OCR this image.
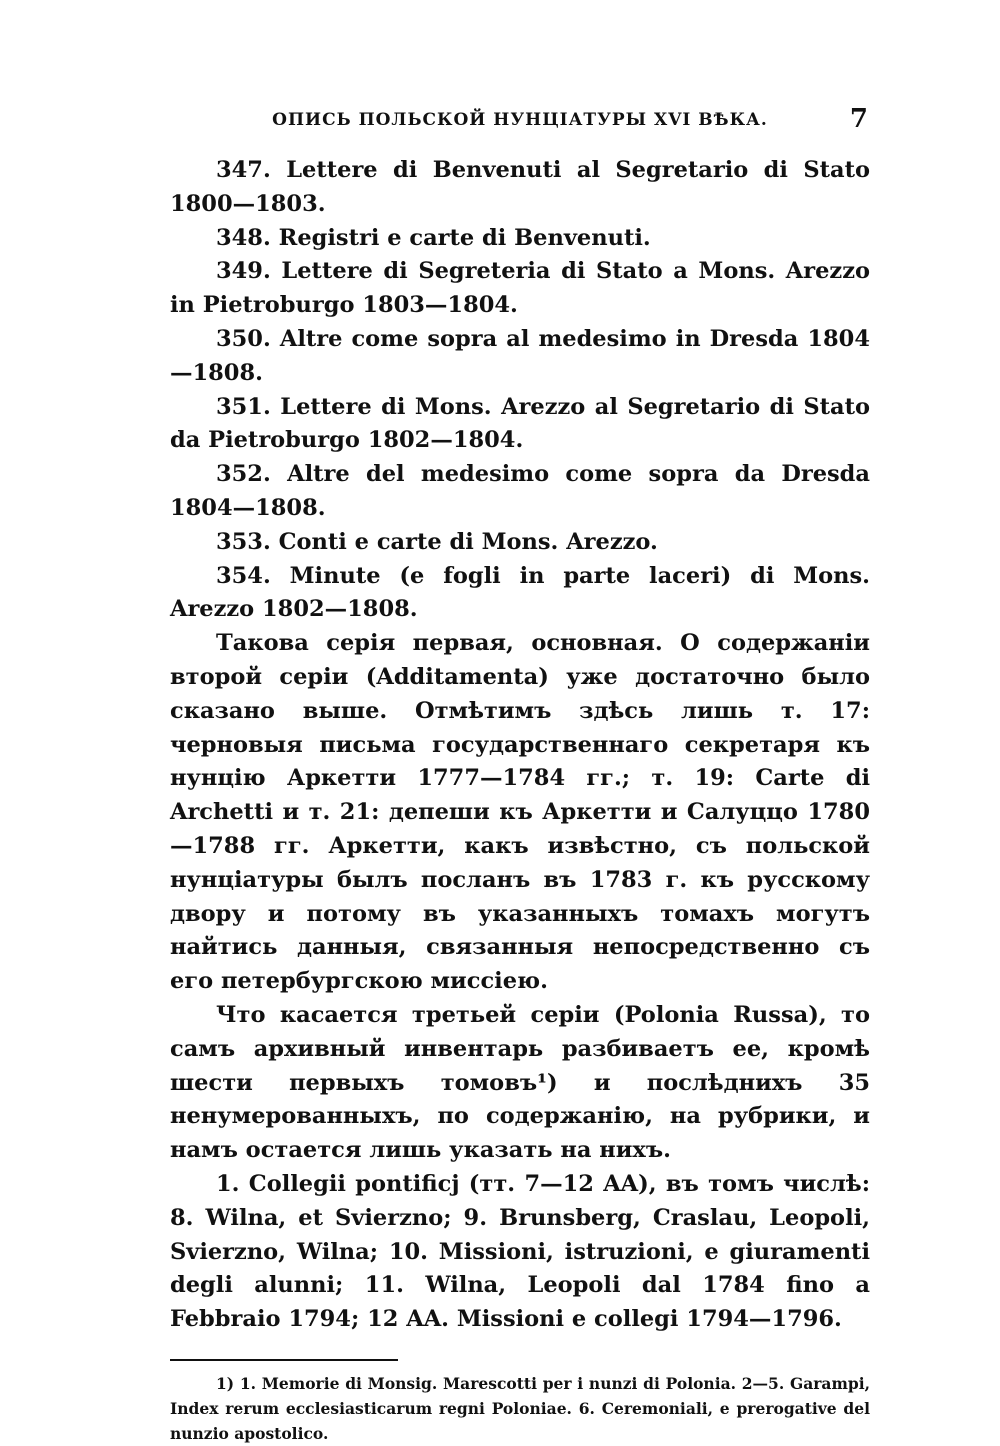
ОПИСЬ ПОЛЬСКОЙ НУНЦІАТУРЫ XVI ВѢКА.	7

347. Lettere di Benvenuti al Segretario di Stato 1800—1803.

348. Registri e carte di Benvenuti.

349. Lettere di Segreteria di Stato a Mons. Arezzo in Pietroburgo 1803—1804.

350. Altre come sopra al medesimo in Dresda 1804—1808.

351. Lettere di Mons. Arezzo al Segretario di Stato da Pietroburgo 1802—1804.

352. Altre del medesimo come sopra da Dresda 1804—1808.

353. Conti e carte di Mons. Arezzo.

354. Minute (e fogli in parte laceri) di Mons. Arezzo 1802—1808.

Такова серія первая, основная. О содержаніи второй серіи (Additamenta) уже достаточно было сказано выше. Отмѣтимъ здѣсь лишь т. 17: черновыя письма государственнаго секретаря къ нунцію Аркетти 1777—1784 гг.; т. 19: Carte di Archetti и т. 21: депеши къ Аркетти и Салуццо 1780—1788 гг. Аркетти, какъ извѣстно, съ польской нунціатуры былъ посланъ въ 1783 г. къ русскому двору и потому въ указанныхъ томахъ могутъ найтись данныя, связанныя непосредственно съ его петербургскою миссіею.

Что касается третьей серіи (Polonia Russa), то самъ архивный инвентарь разбиваетъ ее, кромѣ шести первыхъ томовъ¹) и послѣднихъ 35 ненумерованныхъ, по содержанію, на рубрики, и намъ остается лишь указать на нихъ.

1. Collegii pontificj (тт. 7—12 AA), въ томъ числѣ: 8. Wilna, et Svierzno; 9. Brunsberg, Craslau, Leopoli, Svierzno, Wilna; 10. Missioni, istruzioni, e giuramenti degli alunni; 11. Wilna, Leopoli dal 1784 fino a Febbraio 1794; 12 AA. Missioni e collegi 1794—1796.

1) 1. Memorie di Monsig. Marescotti per i nunzi di Polonia. 2—5. Garampi, Index rerum ecclesiasticarum regni Poloniae. 6. Ceremoniali, e prerogative del nunzio apostolico.
